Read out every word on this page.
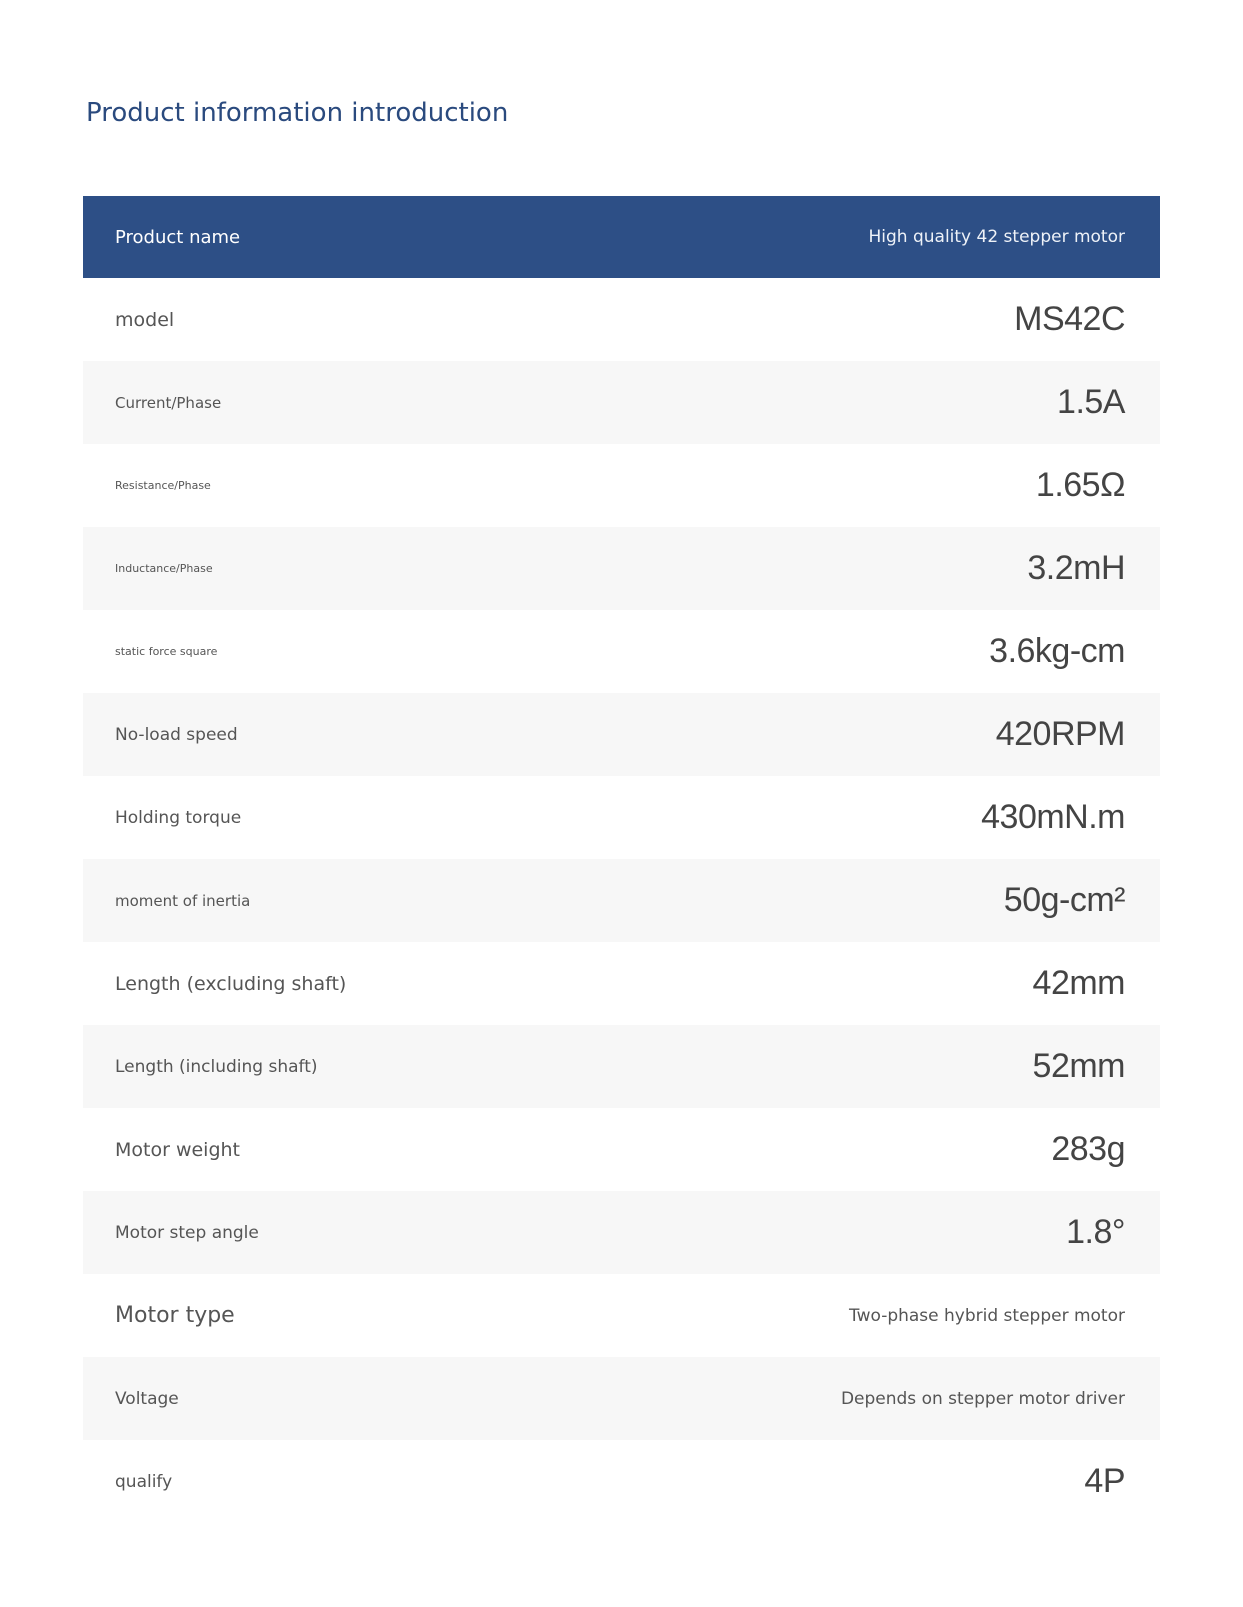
Product information introduction
Product name	High quality 42 stepper motor
model	MS42C
Current/Phase	1.5A
Resistance/Phase	1.65Ω
Inductance/Phase	3.2mH
static force square	3.6kg-cm
No-load speed	420RPM
Holding torque	430mN.m
moment of inertia	50g-cm²
Length (excluding shaft)	42mm
Length (including shaft)	52mm
Motor weight	283g
Motor step angle	1.8°
Motor type	Two-phase hybrid stepper motor
Voltage	Depends on stepper motor driver
qualify	4P
